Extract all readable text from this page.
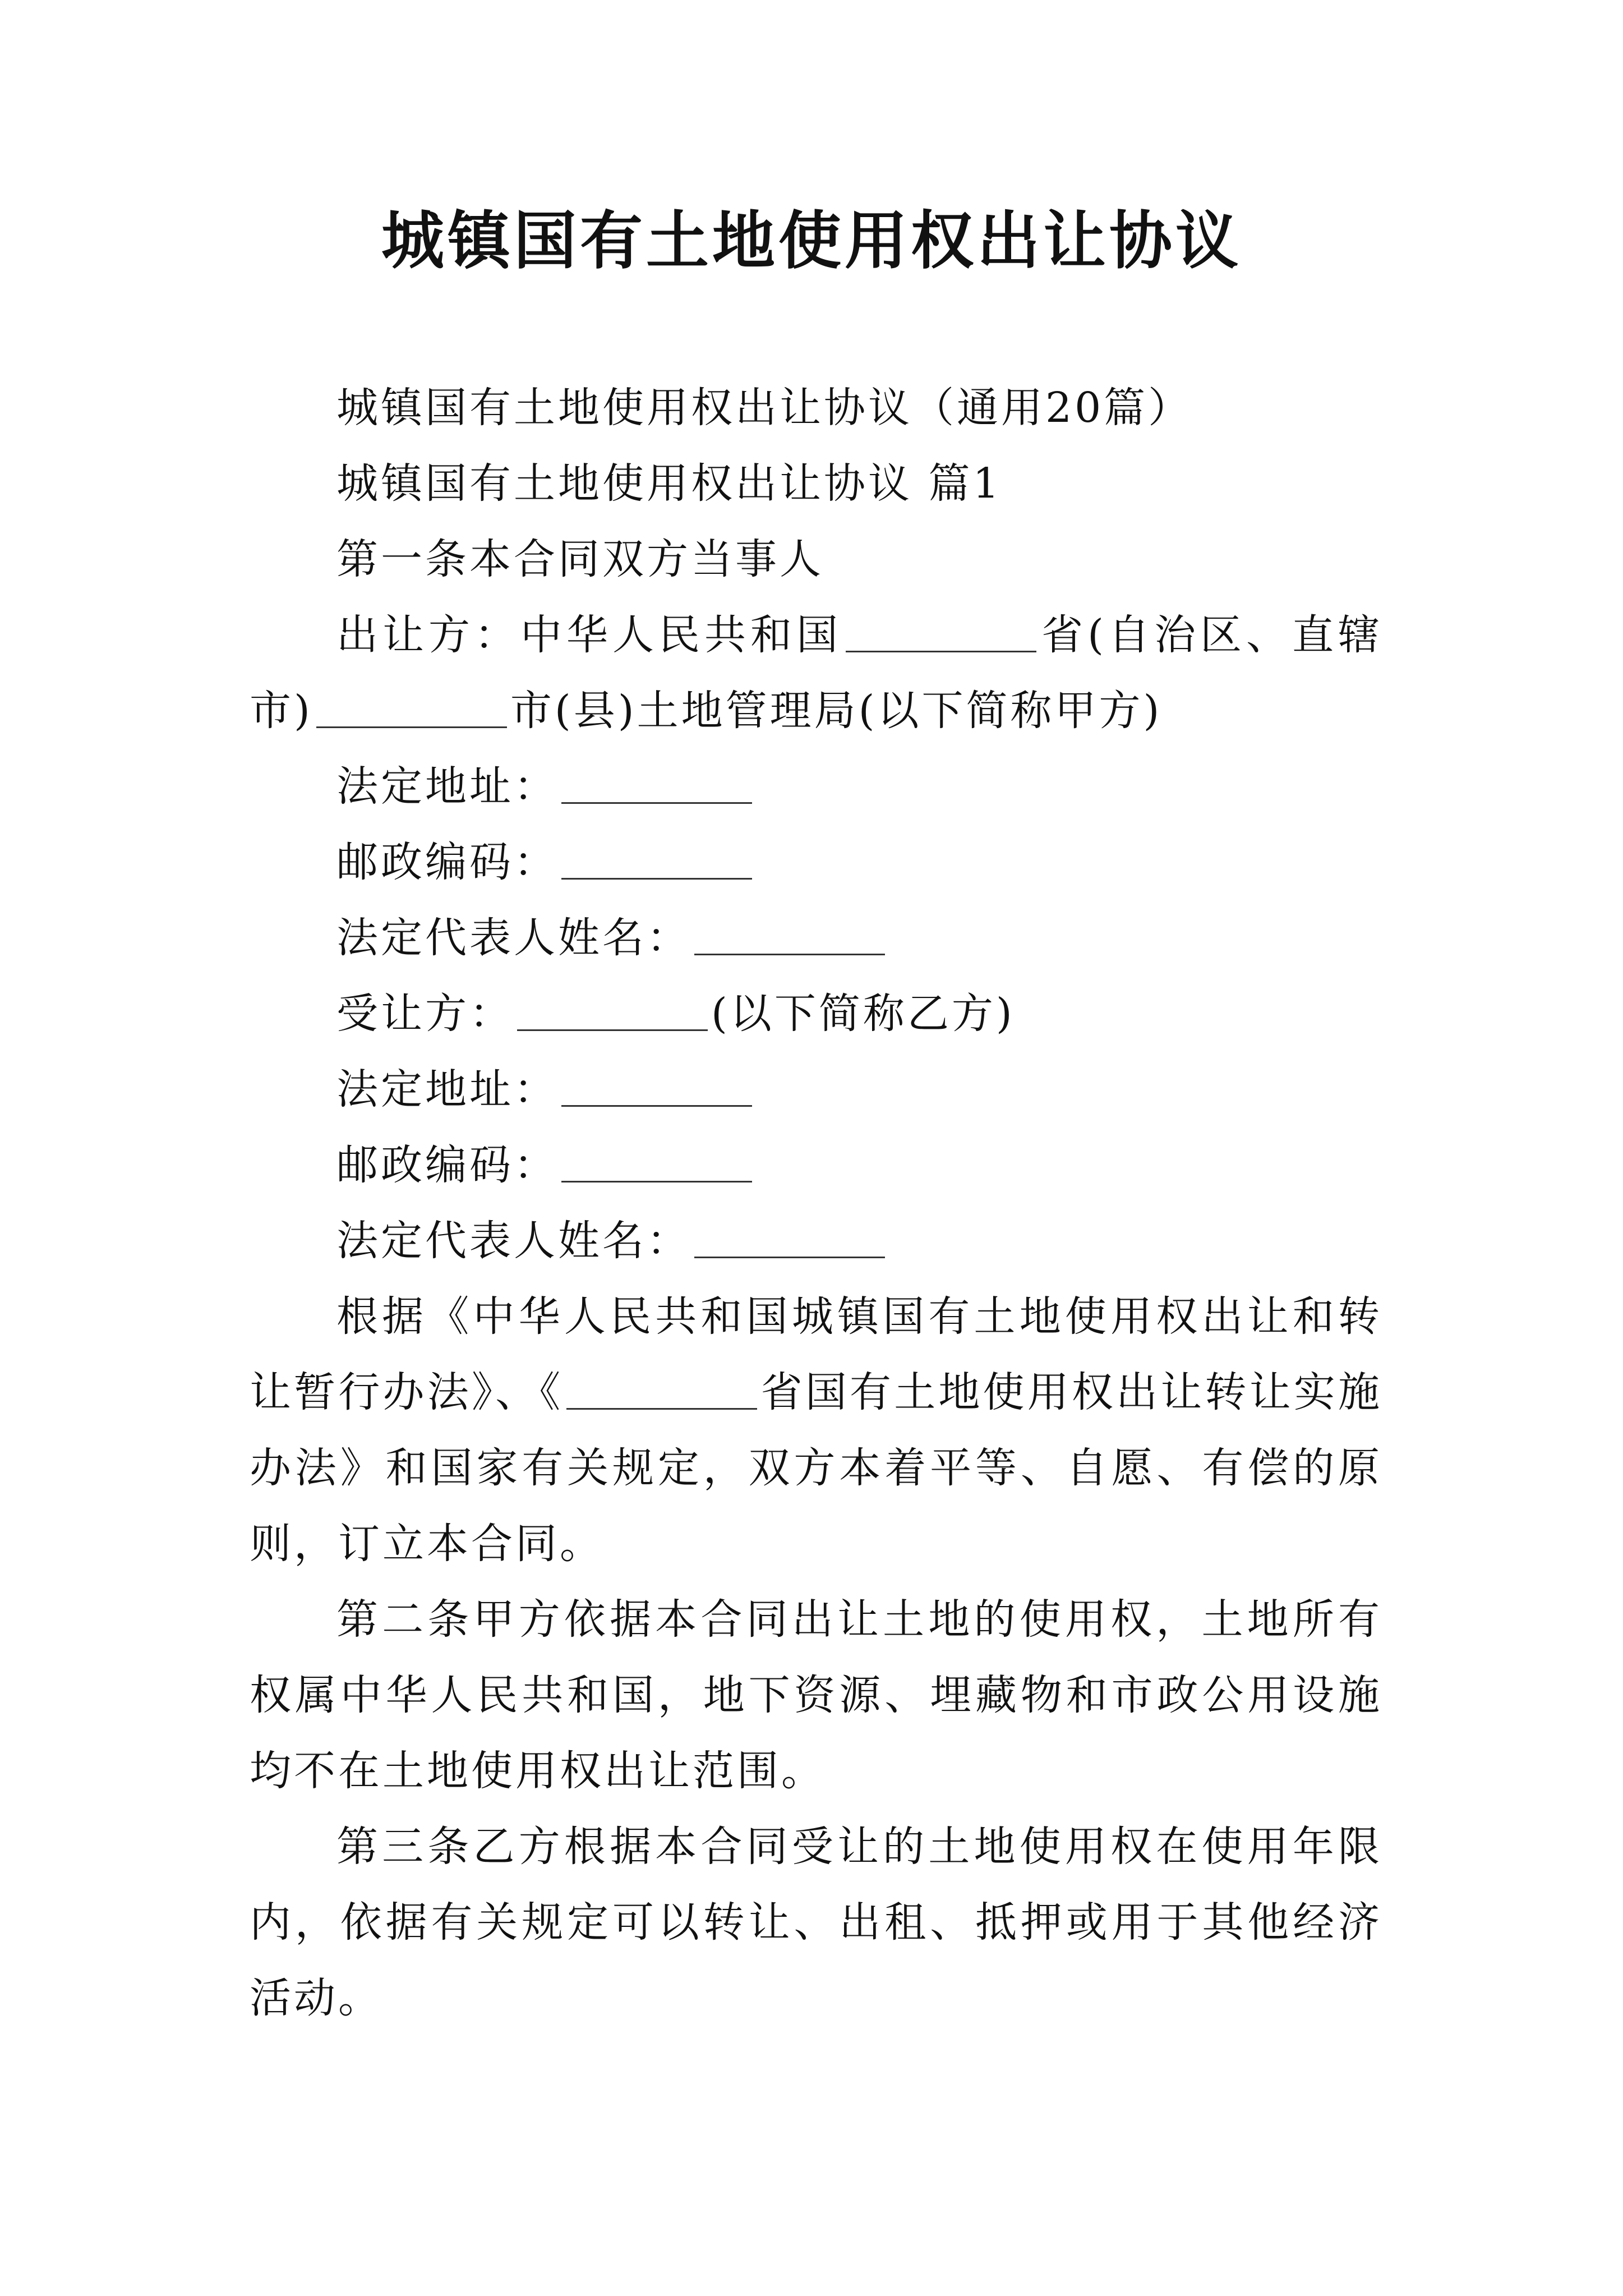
城镇国有土地使用权出让协议

城镇国有土地使用权出让协议（通用20篇）

城镇国有土地使用权出让协议 篇1

第一条本合同双方当事人

出让方：中华人民共和国	省(自治区、直辖市)	市(县)土地管理局(以下简称甲方)

法定地址：

邮政编码：

法定代表人姓名：

受让方：	(以下简称乙方)

法定地址：

邮政编码：

法定代表人姓名：

根据《中华人民共和国城镇国有土地使用权出让和转让暂行办法》、《	省国有土地使用权出让转让实施办法》和国家有关规定，双方本着平等、自愿、有偿的原则，订立本合同。

第二条甲方依据本合同出让土地的使用权，土地所有权属中华人民共和国，地下资源、埋藏物和市政公用设施均不在土地使用权出让范围。

第三条乙方根据本合同受让的土地使用权在使用年限内，依据有关规定可以转让、出租、抵押或用于其他经济活动。
